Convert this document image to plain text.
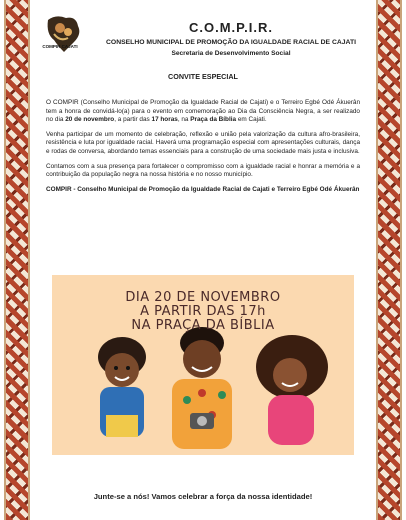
COMPIR CAJATI
C.O.M.P.I.R.
CONSELHO MUNICIPAL DE PROMOÇÃO DA IGUALDADE RACIAL DE CAJATI
Secretaria de Desenvolvimento Social
CONVITE ESPECIAL

O COMPIR (Conselho Municipal de Promoção da Igualdade Racial de Cajati) e o Terreiro Egbé Odé Ákuerân tem a honra de convidá-lo(a) para o evento em comemoração ao Dia da Consciência Negra, a ser realizado no dia 20 de novembro, a partir das 17 horas, na Praça da Bíblia em Cajati.

Venha participar de um momento de celebração, reflexão e união pela valorização da cultura afro-brasileira, resistência e luta por igualdade racial. Haverá uma programação especial com apresentações culturais, dança e rodas de conversa, abordando temas essenciais para a construção de uma sociedade mais justa e inclusiva.

Contamos com a sua presença para fortalecer o compromisso com a igualdade racial e honrar a memória e a contribuição da população negra na nossa história e no nosso município.

COMPIR - Conselho Municipal de Promoção da Igualdade Racial de Cajati e Terreiro Egbé Odé Ákuerân

DIA 20 DE NOVEMBRO
A PARTIR DAS 17h
NA PRAÇA DA BÍBLIA
Junte-se a nós! Vamos celebrar a força da nossa identidade!
